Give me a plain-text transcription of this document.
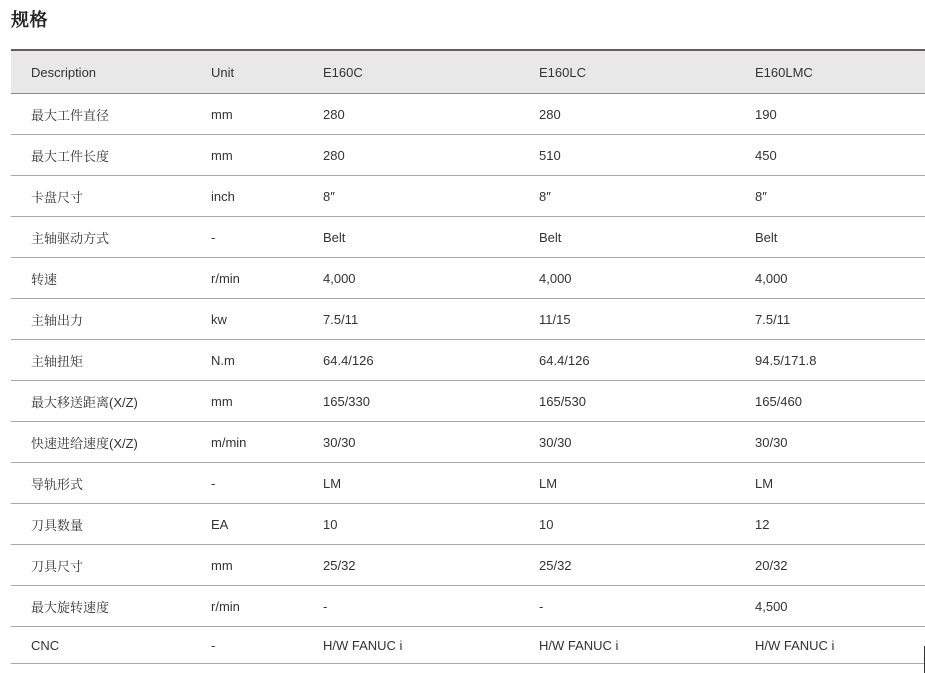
规格
Description	Unit	E160C	E160LC	E160LMC
最大工件直径	mm	280	280	190
最大工件长度	mm	280	510	450
卡盘尺寸	inch	8″	8″	8″
主轴驱动方式	-	Belt	Belt	Belt
转速	r/min	4,000	4,000	4,000
主轴出力	kw	7.5/11	11/15	7.5/11
主轴扭矩	N.m	64.4/126	64.4/126	94.5/171.8
最大移送距离(X/Z)	mm	165/330	165/530	165/460
快速进给速度(X/Z)	m/min	30/30	30/30	30/30
导轨形式	-	LM	LM	LM
刀具数量	EA	10	10	12
刀具尺寸	mm	25/32	25/32	20/32
最大旋转速度	r/min	-	-	4,500
CNC	-	H/W FANUC i	H/W FANUC i	H/W FANUC i
